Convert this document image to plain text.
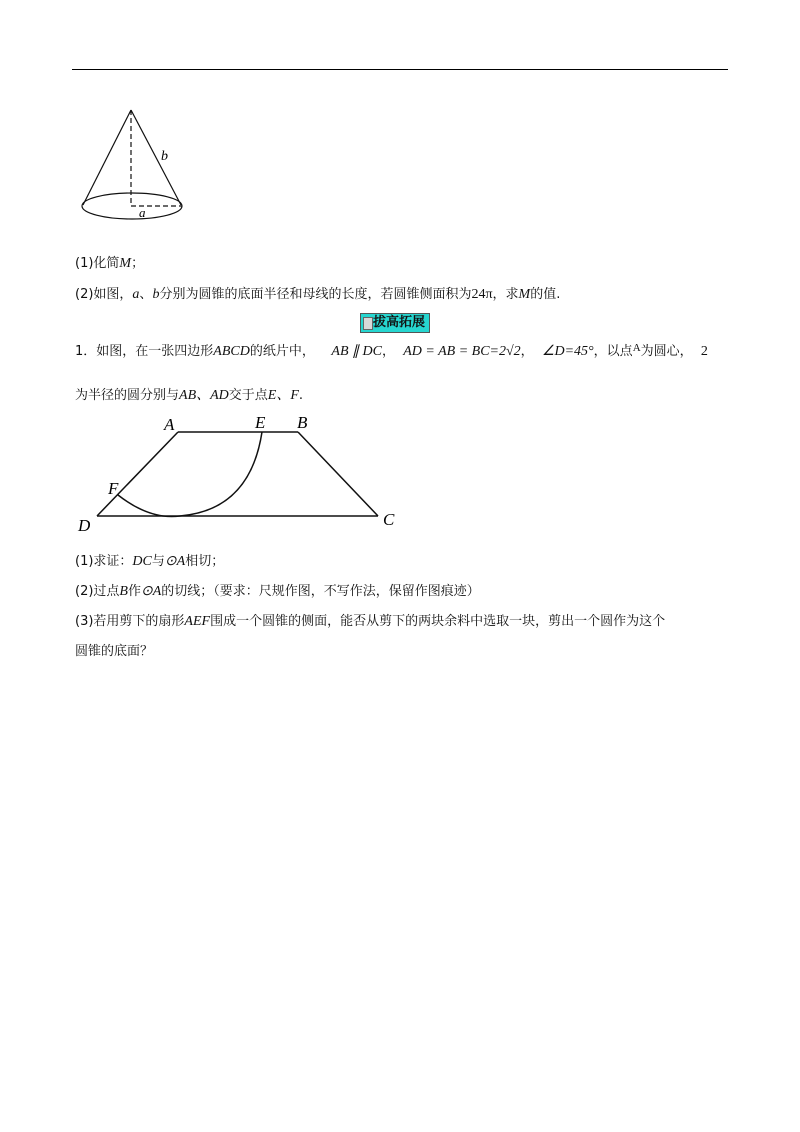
b
a
(1)化简M；
(2)如图，a、b分别为圆锥的底面半径和母线的长度，若圆锥侧面积为24π，求M的值.
拔高拓展
1．如图，在一张四边形ABCD的纸片中， AB ∥ DC， AD = AB = BC=2√2， ∠D=45°，以点$^A$为圆心， 2
为半径的圆分别与AB、AD交于点E、F.
A	E B
F
D	C
(1)求证：DC与⊙A相切；
(2)过点B作⊙A的切线；（要求：尺规作图，不写作法，保留作图痕迹）
(3)若用剪下的扇形AEF围成一个圆锥的侧面，能否从剪下的两块余料中选取一块，剪出一个圆作为这个
圆锥的底面？
